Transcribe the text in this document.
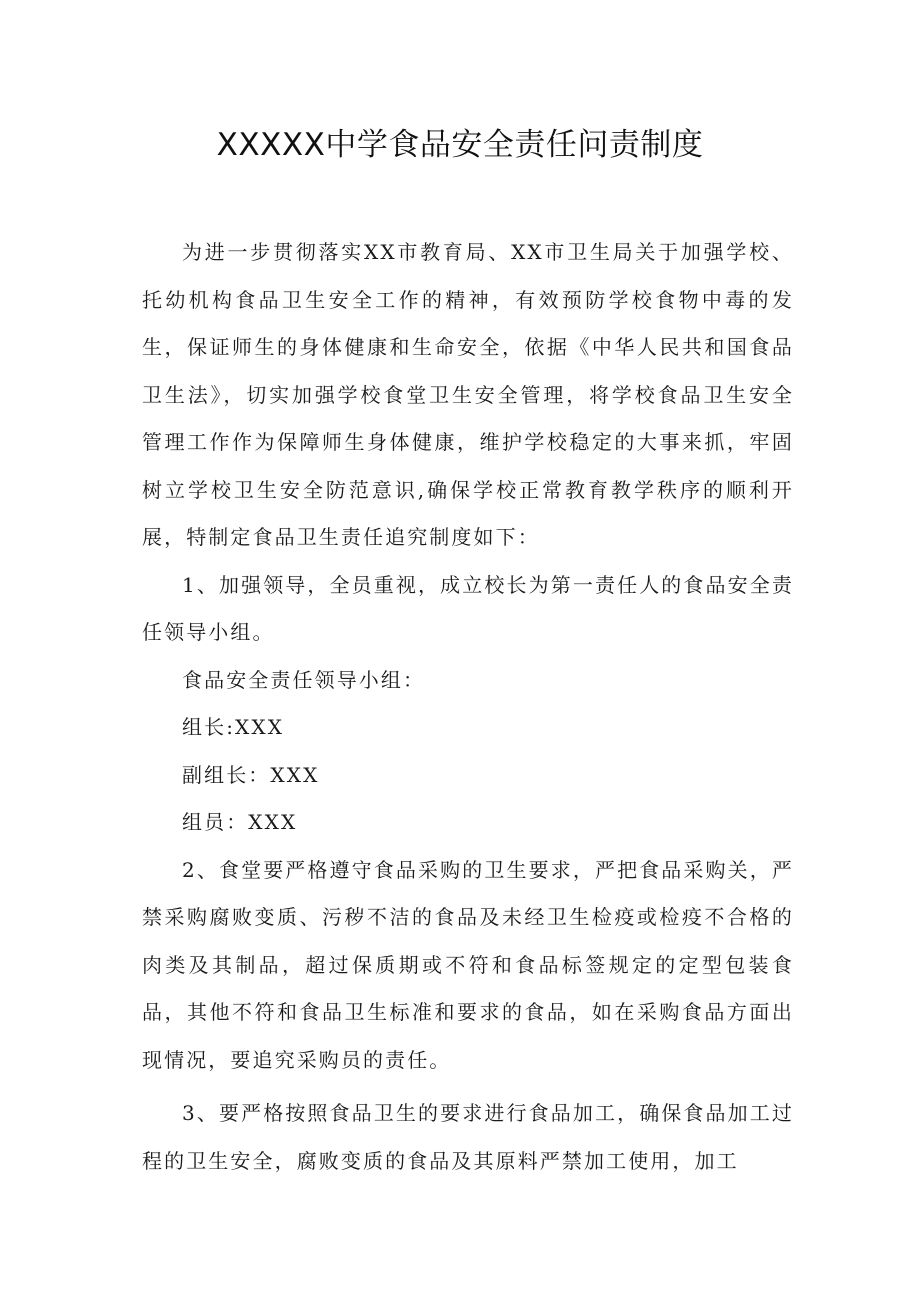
XXXXX中学食品安全责任问责制度

为进一步贯彻落实XX市教育局、XX市卫生局关于加强学校、托幼机构食品卫生安全工作的精神，有效预防学校食物中毒的发生，保证师生的身体健康和生命安全，依据《中华人民共和国食品卫生法》，切实加强学校食堂卫生安全管理，将学校食品卫生安全管理工作作为保障师生身体健康，维护学校稳定的大事来抓，牢固树立学校卫生安全防范意识,确保学校正常教育教学秩序的顺利开展，特制定食品卫生责任追究制度如下：

1、加强领导，全员重视，成立校长为第一责任人的食品安全责任领导小组。

食品安全责任领导小组：

组长:XXX

副组长：XXX

组员：XXX

2、食堂要严格遵守食品采购的卫生要求，严把食品采购关，严禁采购腐败变质、污秽不洁的食品及未经卫生检疫或检疫不合格的肉类及其制品，超过保质期或不符和食品标签规定的定型包装食品，其他不符和食品卫生标准和要求的食品，如在采购食品方面出现情况，要追究采购员的责任。

3、要严格按照食品卫生的要求进行食品加工，确保食品加工过程的卫生安全，腐败变质的食品及其原料严禁加工使用，加工
